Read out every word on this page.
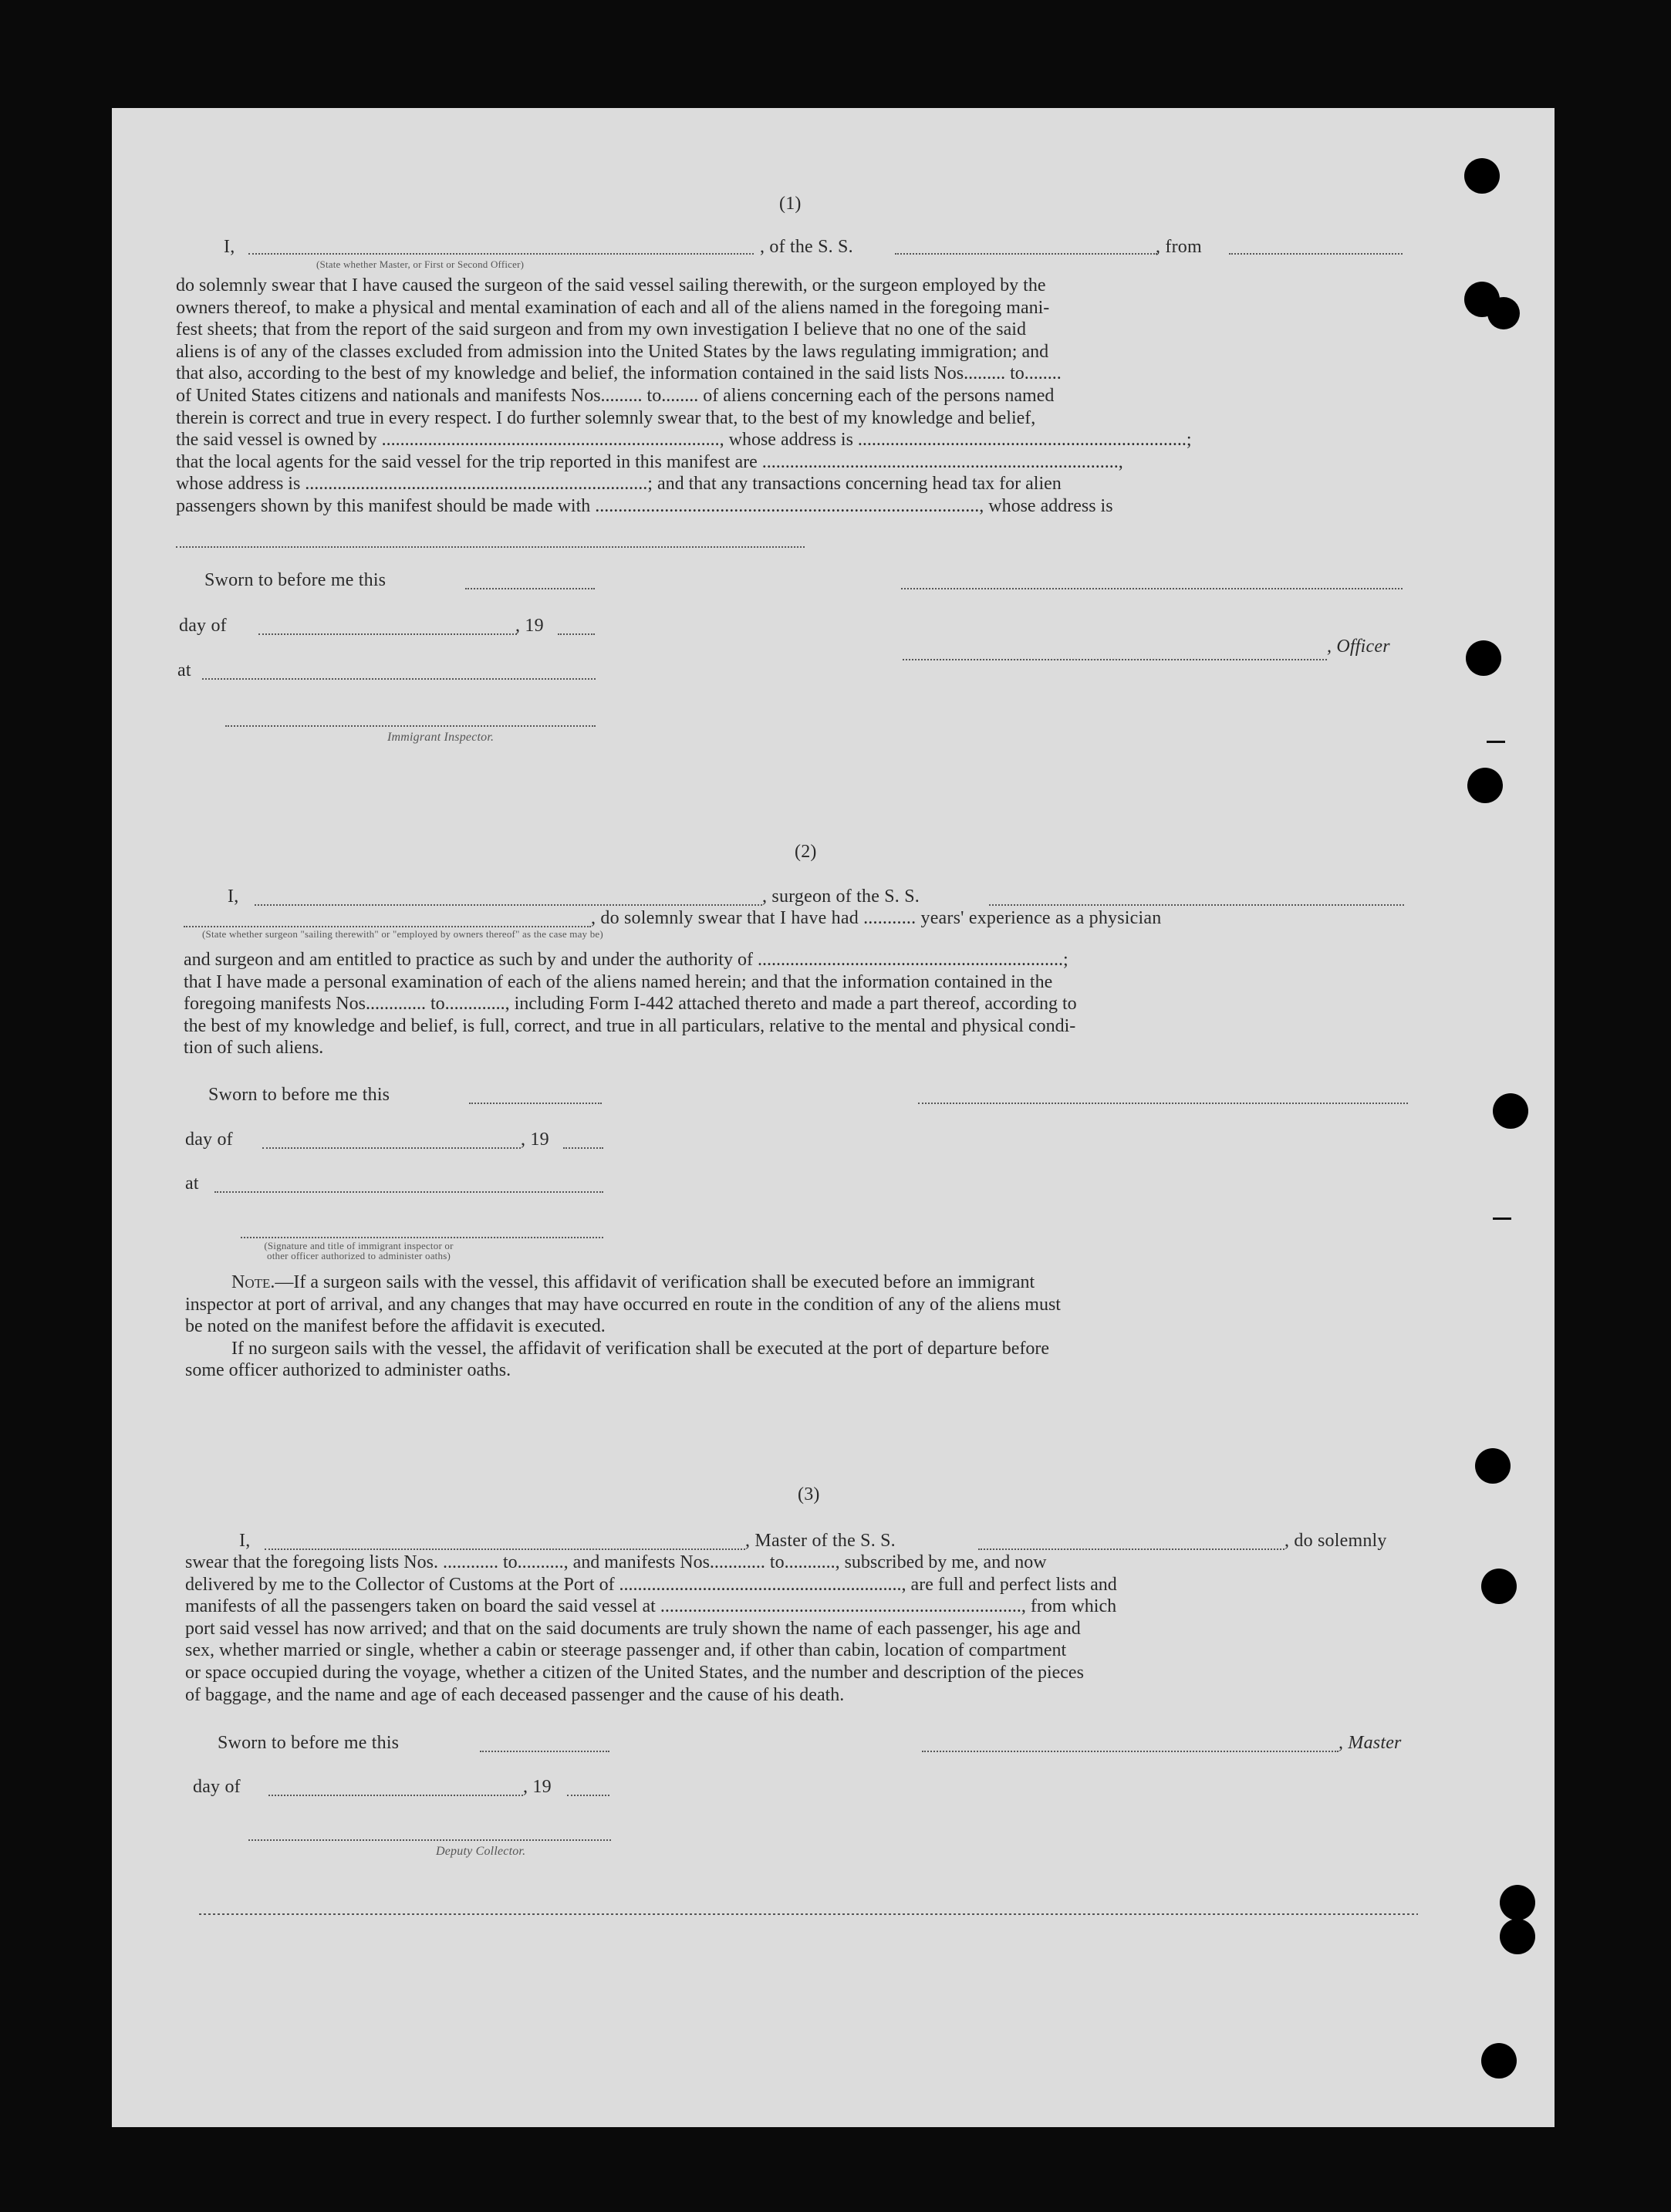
(1)
I,	, of the S. S.	, from
(State whether Master, or First or Second Officer)

do solemnly swear that I have caused the surgeon of the said vessel sailing therewith, or the surgeon employed by the

owners thereof, to make a physical and mental examination of each and all of the aliens named in the foregoing mani-

fest sheets; that from the report of the said surgeon and from my own investigation I believe that no one of the said

aliens is of any of the classes excluded from admission into the United States by the laws regulating immigration; and

that also, according to the best of my knowledge and belief, the information contained in the said lists Nos......... to........

of United States citizens and nationals and manifests Nos......... to........ of aliens concerning each of the persons named

therein is correct and true in every respect. I do further solemnly swear that, to the best of my knowledge and belief,

the said vessel is owned by ........................................................................., whose address is .......................................................................;

that the local agents for the said vessel for the trip reported in this manifest are .............................................................................,

whose address is ..........................................................................; and that any transactions concerning head tax for alien

passengers shown by this manifest should be made with ..................................................................................., whose address is

Sworn to before me this
day of	, 19
, Officer
at
Immigrant Inspector.
(2)
I,	, surgeon of the S. S.
, do solemnly swear that I have had ........... years' experience as a physician
(State whether surgeon "sailing therewith" or "employed by owners thereof" as the case may be)

and surgeon and am entitled to practice as such by and under the authority of ..................................................................;

that I have made a personal examination of each of the aliens named herein; and that the information contained in the

foregoing manifests Nos............. to............., including Form I-442 attached thereto and made a part thereof, according to

the best of my knowledge and belief, is full, correct, and true in all particulars, relative to the mental and physical condi-

tion of such aliens.

Sworn to before me this
day of	, 19
at
(Signature and title of immigrant inspector or
other officer authorized to administer oaths)

Note.—If a surgeon sails with the vessel, this affidavit of verification shall be executed before an immigrant

inspector at port of arrival, and any changes that may have occurred en route in the condition of any of the aliens must

be noted on the manifest before the affidavit is executed.

If no surgeon sails with the vessel, the affidavit of verification shall be executed at the port of departure before

some officer authorized to administer oaths.

(3)
I,	, Master of the S. S.	, do solemnly

swear that the foregoing lists Nos. ............ to.........., and manifests Nos............ to..........., subscribed by me, and now

delivered by me to the Collector of Customs at the Port of ............................................................., are full and perfect lists and

manifests of all the passengers taken on board the said vessel at .............................................................................., from which

port said vessel has now arrived; and that on the said documents are truly shown the name of each passenger, his age and

sex, whether married or single, whether a cabin or steerage passenger and, if other than cabin, location of compartment

or space occupied during the voyage, whether a citizen of the United States, and the number and description of the pieces

of baggage, and the name and age of each deceased passenger and the cause of his death.

Sworn to before me this	, Master
day of	, 19
Deputy Collector.
